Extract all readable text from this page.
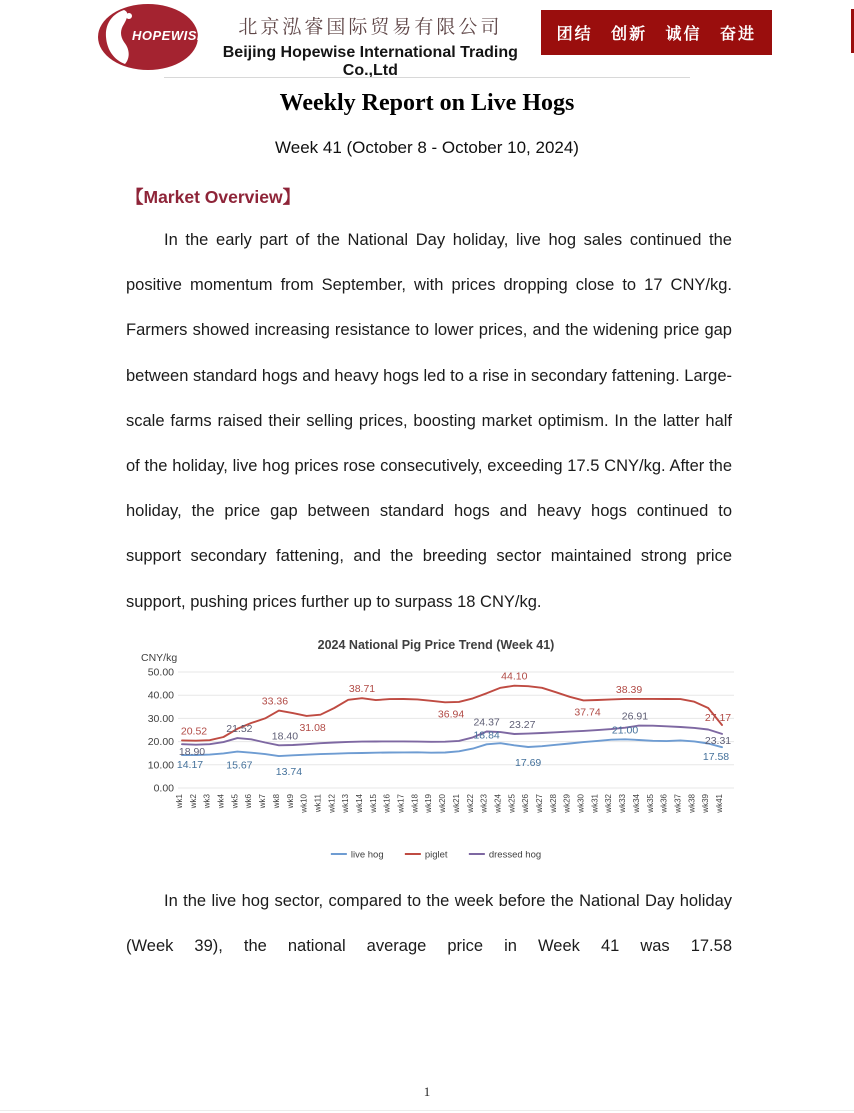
HOPEWISE	北京泓睿国际贸易有限公司
Beijing Hopewise International Trading Co.,Ltd
团结 创新 诚信 奋进
Weekly Report on Live Hogs
Week 41 (October 8 - October 10, 2024)
【Market Overview】

In the early part of the National Day holiday, live hog sales continued the positive momentum from September, with prices dropping close to 17 CNY/kg. Farmers showed increasing resistance to lower prices, and the widening price gap between standard hogs and heavy hogs led to a rise in secondary fattening. Large-scale farms raised their selling prices, boosting market optimism. In the latter half of the holiday, live hog prices rose consecutively, exceeding 17.5 CNY/kg. After the holiday, the price gap between standard hogs and heavy hogs continued to support secondary fattening, and the breeding sector maintained strong price support, pushing prices further up to surpass 18 CNY/kg.

2024 National Pig Price Trend (Week 41)
CNY/kg
50.00
40.00
30.00
20.00
10.00
0.00
wk1 wk2 wk3 wk4 wk5 wk6 wk7 wk8 wk9 wk10 wk11 wk12 wk13 wk14 wk15 wk16 wk17 wk18 wk19 wk20 wk21 wk22 wk23 wk24 wk25 wk26 wk27 wk28 wk29 wk30 wk31 wk32 wk33 wk34 wk35 wk36 wk37 wk38 wk39 wk41
14.17 15.67
13.74
18.84
17.69
21.00
17.58
20.52
33.36
31.08
38.71
36.94
44.10
37.74
38.39
27.17
18.90
21.52
18.40
24.37 23.27
26.91
23.31
live hog	piglet	dressed hog

In the live hog sector, compared to the week before the National Day holiday (Week 39), the national average price in Week 41 was 17.58

1
